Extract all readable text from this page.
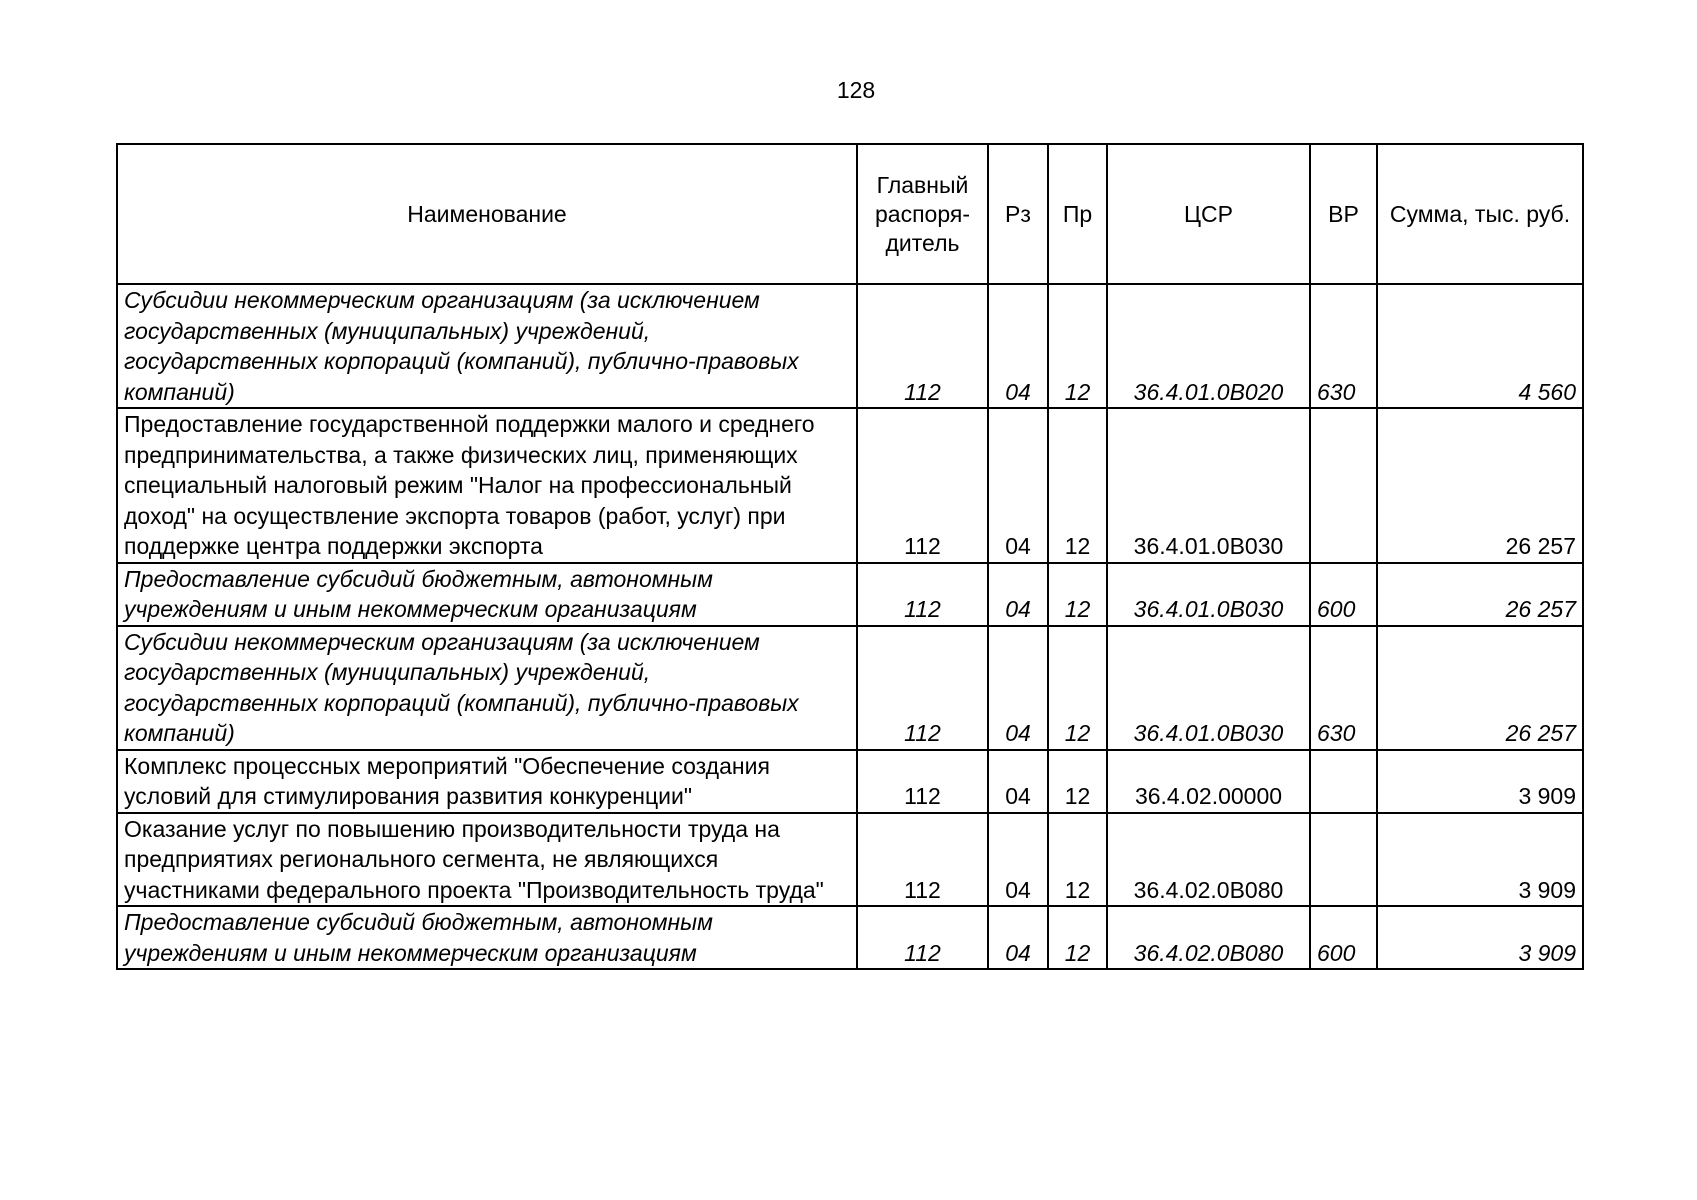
128
Наименование	Главный распоря-дитель	Рз	Пр	ЦСР	ВР	Сумма, тыс. руб.
Субсидии некоммерческим организациям (за исключением государственных (муниципальных) учреждений, государственных корпораций (компаний), публично-правовых компаний)	112	04	12	36.4.01.0В020	630	4 560
Предоставление государственной поддержки малого и среднего предпринимательства, а также физических лиц, применяющих специальный налоговый режим "Налог на профессиональный доход" на осуществление экспорта товаров (работ, услуг) при поддержке центра поддержки экспорта	112	04	12	36.4.01.0В030		26 257
Предоставление субсидий бюджетным, автономным учреждениям и иным некоммерческим организациям	112	04	12	36.4.01.0В030	600	26 257
Субсидии некоммерческим организациям (за исключением государственных (муниципальных) учреждений, государственных корпораций (компаний), публично-правовых компаний)	112	04	12	36.4.01.0В030	630	26 257
Комплекс процессных мероприятий "Обеспечение создания условий для стимулирования развития конкуренции"	112	04	12	36.4.02.00000		3 909
Оказание услуг по повышению производительности труда на предприятиях регионального сегмента, не являющихся участниками федерального проекта "Производительность труда"	112	04	12	36.4.02.0В080		3 909
Предоставление субсидий бюджетным, автономным учреждениям и иным некоммерческим организациям	112	04	12	36.4.02.0В080	600	3 909
